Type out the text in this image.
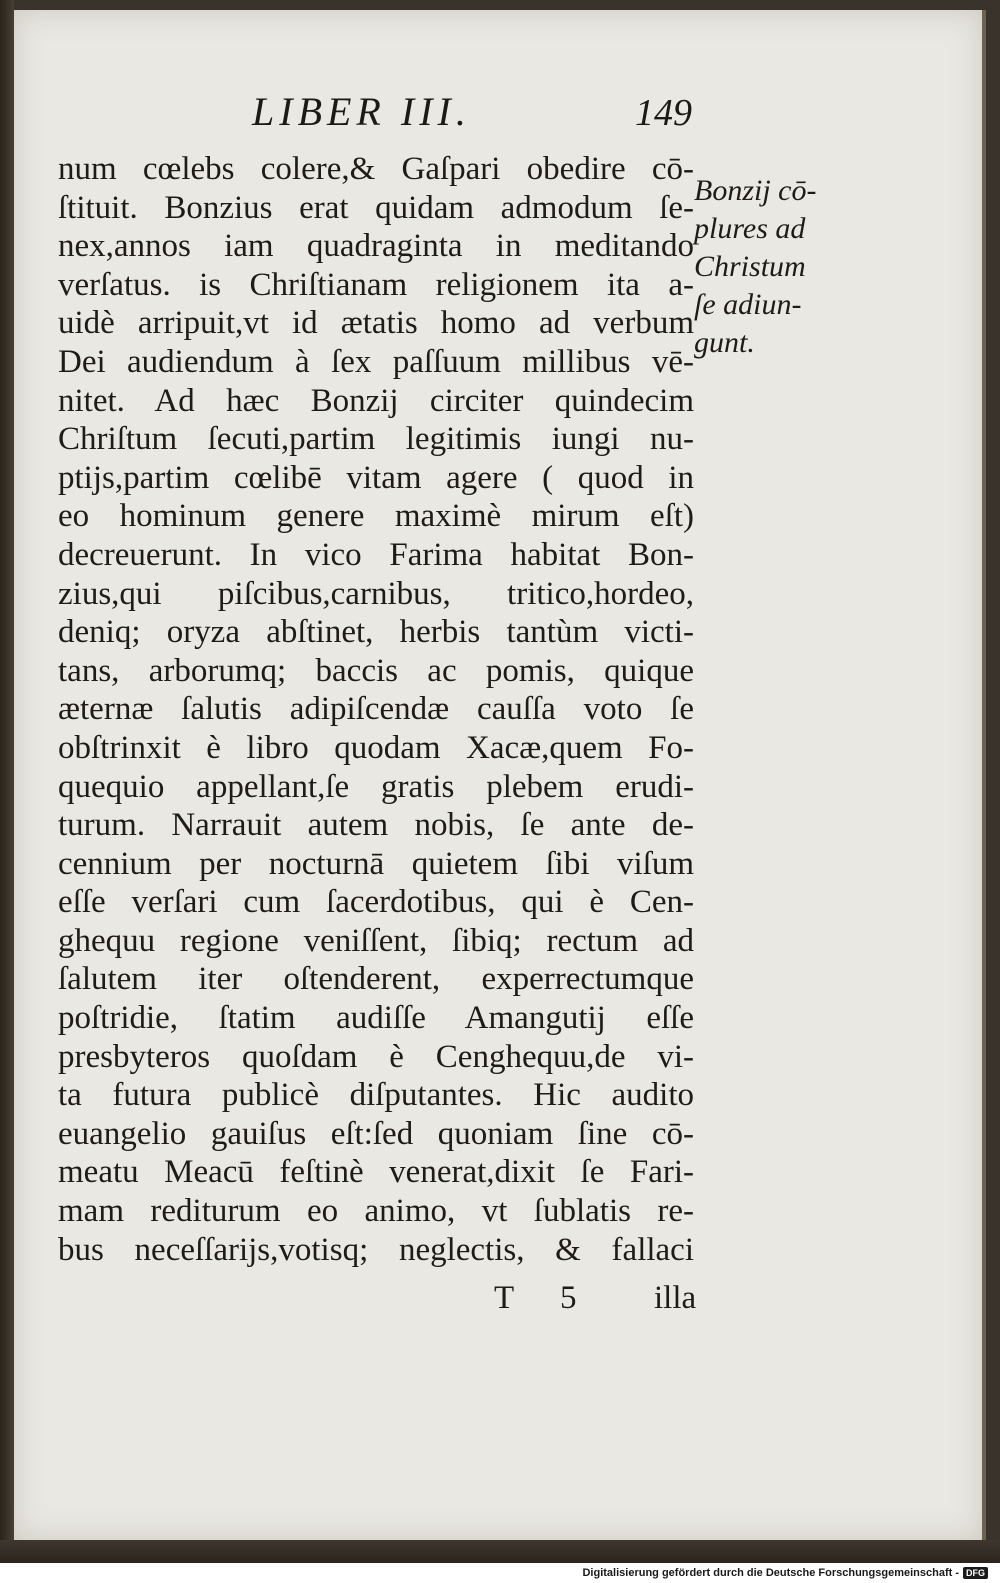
LIBER III.	149
num cœlebs colere,& Gaſpari obedire cō-
ſtituit. Bonzius erat quidam admodum ſe-
nex,annos iam quadraginta in meditando
verſatus. is Chriſtianam religionem ita a-
uidè arripuit,vt id ætatis homo ad verbum
Dei audiendum à ſex paſſuum millibus vē-
nitet. Ad hæc Bonzij circiter quindecim
Chriſtum ſecuti,partim legitimis iungi nu-
ptijs,partim cœlibē vitam agere ( quod in
eo hominum genere maximè mirum eſt)
decreuerunt. In vico Farima habitat Bon-
zius,qui piſcibus,carnibus, tritico,hordeo,
deniq; oryza abſtinet, herbis tantùm victi-
tans, arborumq; baccis ac pomis, quique
æternæ ſalutis adipiſcendæ cauſſa voto ſe
obſtrinxit è libro quodam Xacæ,quem Fo-
quequio appellant,ſe gratis plebem erudi-
turum. Narrauit autem nobis, ſe ante de-
cennium per nocturnā quietem ſibi viſum
eſſe verſari cum ſacerdotibus, qui è Cen-
ghequu regione veniſſent, ſibiq; rectum ad
ſalutem iter oſtenderent, experrectumque
poſtridie, ſtatim audiſſe Amangutij eſſe
presbyteros quoſdam è Cenghequu,de vi-
ta futura publicè diſputantes. Hic audito
euangelio gauiſus eſt:ſed quoniam ſine cō-
meatu Meacū feſtinè venerat,dixit ſe Fari-
mam rediturum eo animo, vt ſublatis re-
bus neceſſarijs,votisq; neglectis, & fallaci
Bonzij cō-
plures ad
Christum
ſe adiun-
gunt.
T 5 illa
Digitalisierung gefördert durch die Deutsche Forschungsgemeinschaft - DFG
